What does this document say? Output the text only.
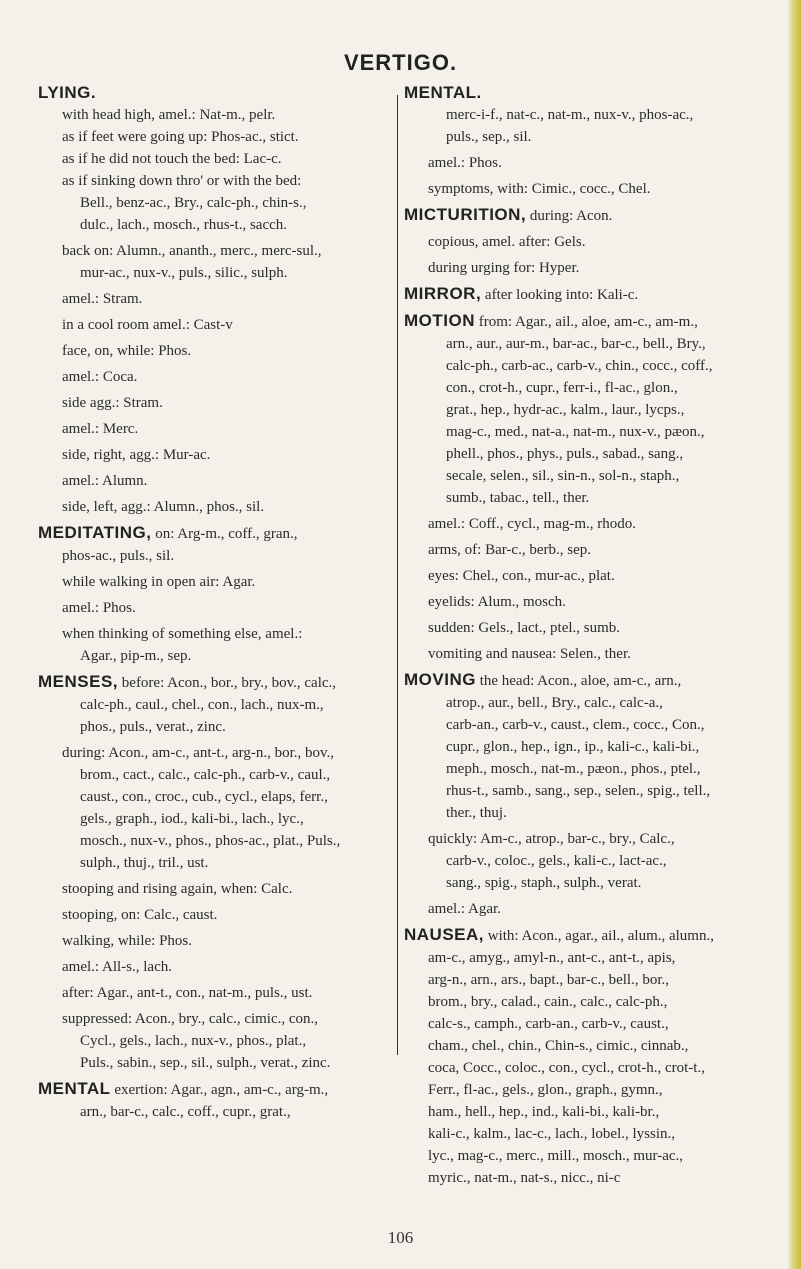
VERTIGO.
LYING.
with head high, amel.: Nat-m., pelr.
as if feet were going up: Phos-ac., stict.
as if he did not touch the bed: Lac-c.
as if sinking down thro' or with the bed:
Bell., benz-ac., Bry., calc-ph., chin-s.,
dulc., lach., mosch., rhus-t., sacch.
back on: Alumn., ananth., merc., merc-sul.,
mur-ac., nux-v., puls., silic., sulph.
amel.: Stram.
in a cool room amel.: Cast-v
face, on, while: Phos.
amel.: Coca.
side agg.: Stram.
amel.: Merc.
side, right, agg.: Mur-ac.
amel.: Alumn.
side, left, agg.: Alumn., phos., sil.
MEDITATING, on: Arg-m., coff., gran.,
phos-ac., puls., sil.
while walking in open air: Agar.
amel.: Phos.
when thinking of something else, amel.:
Agar., pip-m., sep.
MENSES, before: Acon., bor., bry., bov., calc.,
calc-ph., caul., chel., con., lach., nux-m.,
phos., puls., verat., zinc.
during: Acon., am-c., ant-t., arg-n., bor., bov.,
brom., cact., calc., calc-ph., carb-v., caul.,
caust., con., croc., cub., cycl., elaps, ferr.,
gels., graph., iod., kali-bi., lach., lyc.,
mosch., nux-v., phos., phos-ac., plat., Puls.,
sulph., thuj., tril., ust.
stooping and rising again, when: Calc.
stooping, on: Calc., caust.
walking, while: Phos.
amel.: All-s., lach.
after: Agar., ant-t., con., nat-m., puls., ust.
suppressed: Acon., bry., calc., cimic., con.,
Cycl., gels., lach., nux-v., phos., plat.,
Puls., sabin., sep., sil., sulph., verat., zinc.
MENTAL exertion: Agar., agn., am-c., arg-m.,
arn., bar-c., calc., coff., cupr., grat.,
MENTAL.
merc-i-f., nat-c., nat-m., nux-v., phos-ac.,
puls., sep., sil.
amel.: Phos.
symptoms, with: Cimic., cocc., Chel.
MICTURITION, during: Acon.
copious, amel. after: Gels.
during urging for: Hyper.
MIRROR, after looking into: Kali-c.
MOTION from: Agar., ail., aloe, am-c., am-m.,
arn., aur., aur-m., bar-ac., bar-c., bell., Bry.,
calc-ph., carb-ac., carb-v., chin., cocc., coff.,
con., crot-h., cupr., ferr-i., fl-ac., glon.,
grat., hep., hydr-ac., kalm., laur., lycps.,
mag-c., med., nat-a., nat-m., nux-v., pæon.,
phell., phos., phys., puls., sabad., sang.,
secale, selen., sil., sin-n., sol-n., staph.,
sumb., tabac., tell., ther.
amel.: Coff., cycl., mag-m., rhodo.
arms, of: Bar-c., berb., sep.
eyes: Chel., con., mur-ac., plat.
eyelids: Alum., mosch.
sudden: Gels., lact., ptel., sumb.
vomiting and nausea: Selen., ther.
MOVING the head: Acon., aloe, am-c., arn.,
atrop., aur., bell., Bry., calc., calc-a.,
carb-an., carb-v., caust., clem., cocc., Con.,
cupr., glon., hep., ign., ip., kali-c., kali-bi.,
meph., mosch., nat-m., pæon., phos., ptel.,
rhus-t., samb., sang., sep., selen., spig., tell.,
ther., thuj.
quickly: Am-c., atrop., bar-c., bry., Calc.,
carb-v., coloc., gels., kali-c., lact-ac.,
sang., spig., staph., sulph., verat.
amel.: Agar.
NAUSEA, with: Acon., agar., ail., alum., alumn.,
am-c., amyg., amyl-n., ant-c., ant-t., apis,
arg-n., arn., ars., bapt., bar-c., bell., bor.,
brom., bry., calad., cain., calc., calc-ph.,
calc-s., camph., carb-an., carb-v., caust.,
cham., chel., chin., Chin-s., cimic., cinnab.,
coca, Cocc., coloc., con., cycl., crot-h., crot-t.,
Ferr., fl-ac., gels., glon., graph., gymn.,
ham., hell., hep., ind., kali-bi., kali-br.,
kali-c., kalm., lac-c., lach., lobel., lyssin.,
lyc., mag-c., merc., mill., mosch., mur-ac.,
myric., nat-m., nat-s., nicc., ni-c
106
